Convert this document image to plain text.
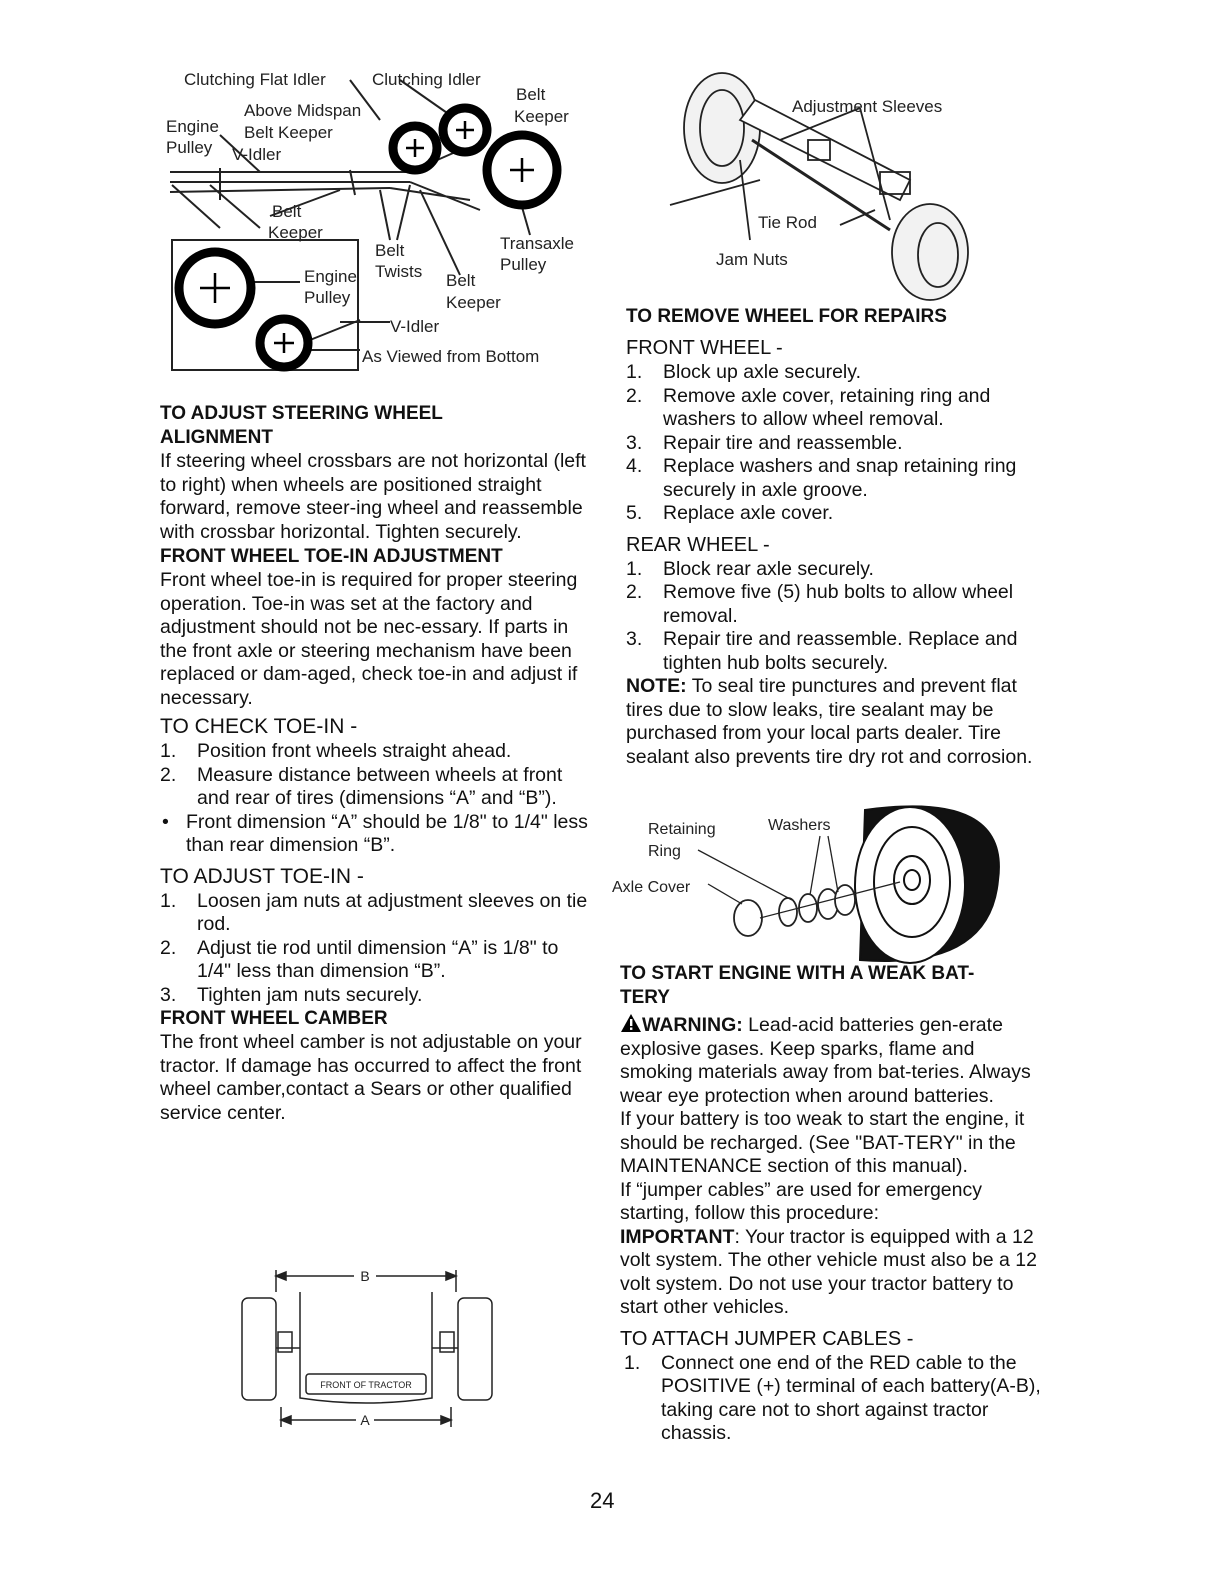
Clutching Flat Idler	Clutching Idler
Belt
Keeper
Engine
Pulley
Above Midspan
Belt Keeper
V-Idler
Belt
Keeper
Belt
Twists
Transaxle
Pulley
Engine
Pulley
Belt
Keeper
V-Idler
As Viewed from Bottom

TO ADJUST STEERING WHEEL

ALIGNMENT

If steering wheel crossbars are not horizontal (left to right) when wheels are positioned straight forward, remove steer-ing wheel and reassemble with crossbar horizontal. Tighten securely.

FRONT WHEEL TOE-IN ADJUSTMENT

Front wheel toe-in is required for proper steering operation. Toe-in was set at the factory and adjustment should not be nec-essary. If parts in the front axle or steering mechanism have been replaced or dam-aged, check toe-in and adjust if necessary.

TO CHECK TOE-IN -

1. Position front wheels straight ahead.
2. Measure distance between wheels at front and rear of tires (dimensions “A” and “B”).
• Front dimension “A” should be 1/8" to 1/4" less than rear dimension “B”.

TO ADJUST TOE-IN -

1. Loosen jam nuts at adjustment sleeves on tie rod.
2. Adjust tie rod until dimension “A” is 1/8" to 1/4" less than dimension “B”.
3. Tighten jam nuts securely.

FRONT WHEEL CAMBER

The front wheel camber is not adjustable on your tractor. If damage has occurred to affect the front wheel camber,contact a Sears or other qualified service center.

B
A
FRONT OF TRACTOR
Adjustment Sleeves
Tie Rod
Jam Nuts

TO REMOVE WHEEL FOR REPAIRS

FRONT WHEEL -

1. Block up axle securely.
2. Remove axle cover, retaining ring and washers to allow wheel removal.
3. Repair tire and reassemble.
4. Replace washers and snap retaining ring securely in axle groove.
5. Replace axle cover.

REAR WHEEL -

1. Block rear axle securely.
2. Remove five (5) hub bolts to allow wheel removal.
3. Repair tire and reassemble. Replace and tighten hub bolts securely.

NOTE: To seal tire punctures and prevent flat tires due to slow leaks, tire sealant may be purchased from your local parts dealer. Tire sealant also prevents tire dry rot and corrosion.

Retaining
Ring
Washers
Axle Cover

TO START ENGINE WITH A WEAK BAT-

TERY

WARNING: Lead-acid batteries gen-erate explosive gases. Keep sparks, flame and smoking materials away from bat-teries. Always wear eye protection when around batteries.

If your battery is too weak to start the engine, it should be recharged. (See "BAT-TERY" in the MAINTENANCE section of this manual).

If “jumper cables” are used for emergency starting, follow this procedure:

IMPORTANT: Your tractor is equipped with a 12 volt system. The other vehicle must also be a 12 volt system. Do not use your tractor battery to start other vehicles.

TO ATTACH JUMPER CABLES -

1. Connect one end of the RED cable to the POSITIVE (+) terminal of each battery(A-B), taking care not to short against tractor chassis.
24
